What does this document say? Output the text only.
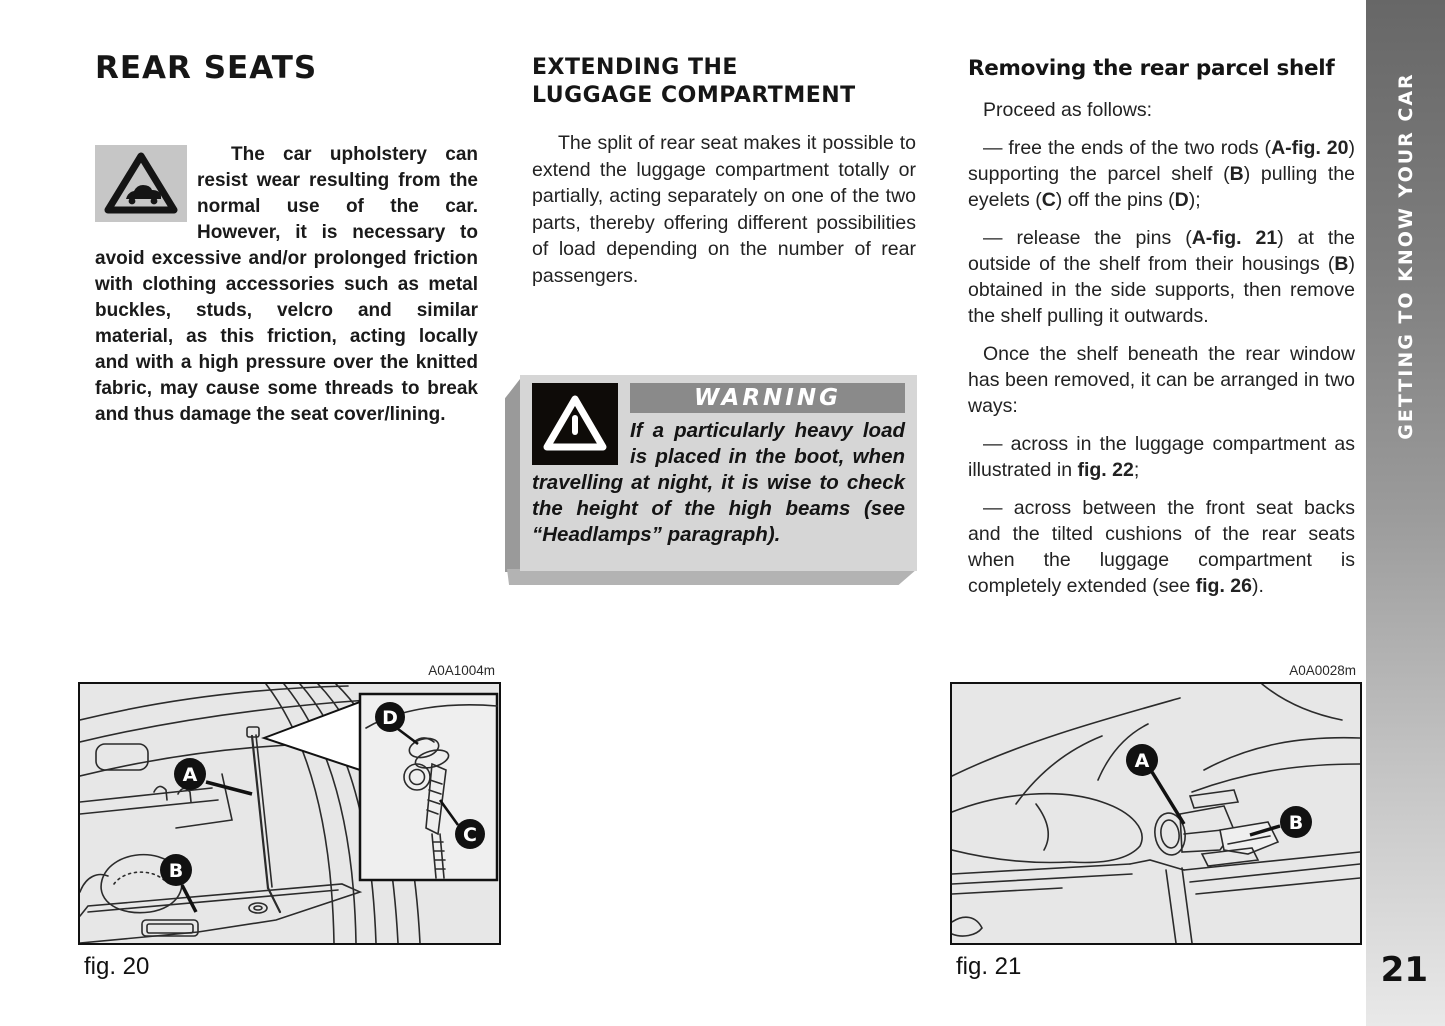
GETTING TO KNOW YOUR CAR
21
REAR SEATS

The car upholstery can resist wear resulting from the normal use of the car. However, it is necessary to avoid excessive and/or prolonged friction with clothing accessories such as metal buckles, studs, velcro and similar material, as this friction, acting locally and with a high pressure over the knitted fabric, may cause some threads to break and thus damage the seat cover/lining.

EXTENDING THE
LUGGAGE COMPARTMENT

The split of rear seat makes it possible to extend the luggage compartment totally or partially, acting separately on one of the two parts, thereby offering different possibilities of load depending on the number of rear passengers.

WARNING

If a particularly heavy load is placed in the boot, when travelling at night, it is wise to check the height of the high beams (see “Headlamps” paragraph).

Removing the rear parcel shelf

Proceed as follows:

— free the ends of the two rods (A-fig. 20) supporting the parcel shelf (B) pulling the eyelets (C) off the pins (D);

— release the pins (A-fig. 21) at the outside of the shelf from their housings (B) obtained in the side supports, then remove the shelf pulling it outwards.

Once the shelf beneath the rear window has been removed, it can be arranged in two ways:

— across in the luggage compartment as illustrated in fig. 22;

— across between the front seat backs and the tilted cushions of the rear seats when the luggage compartment is completely extended (see fig. 26).

A0A1004m
A
B
D
C
fig. 20
A0A0028m
A
B
fig. 21
